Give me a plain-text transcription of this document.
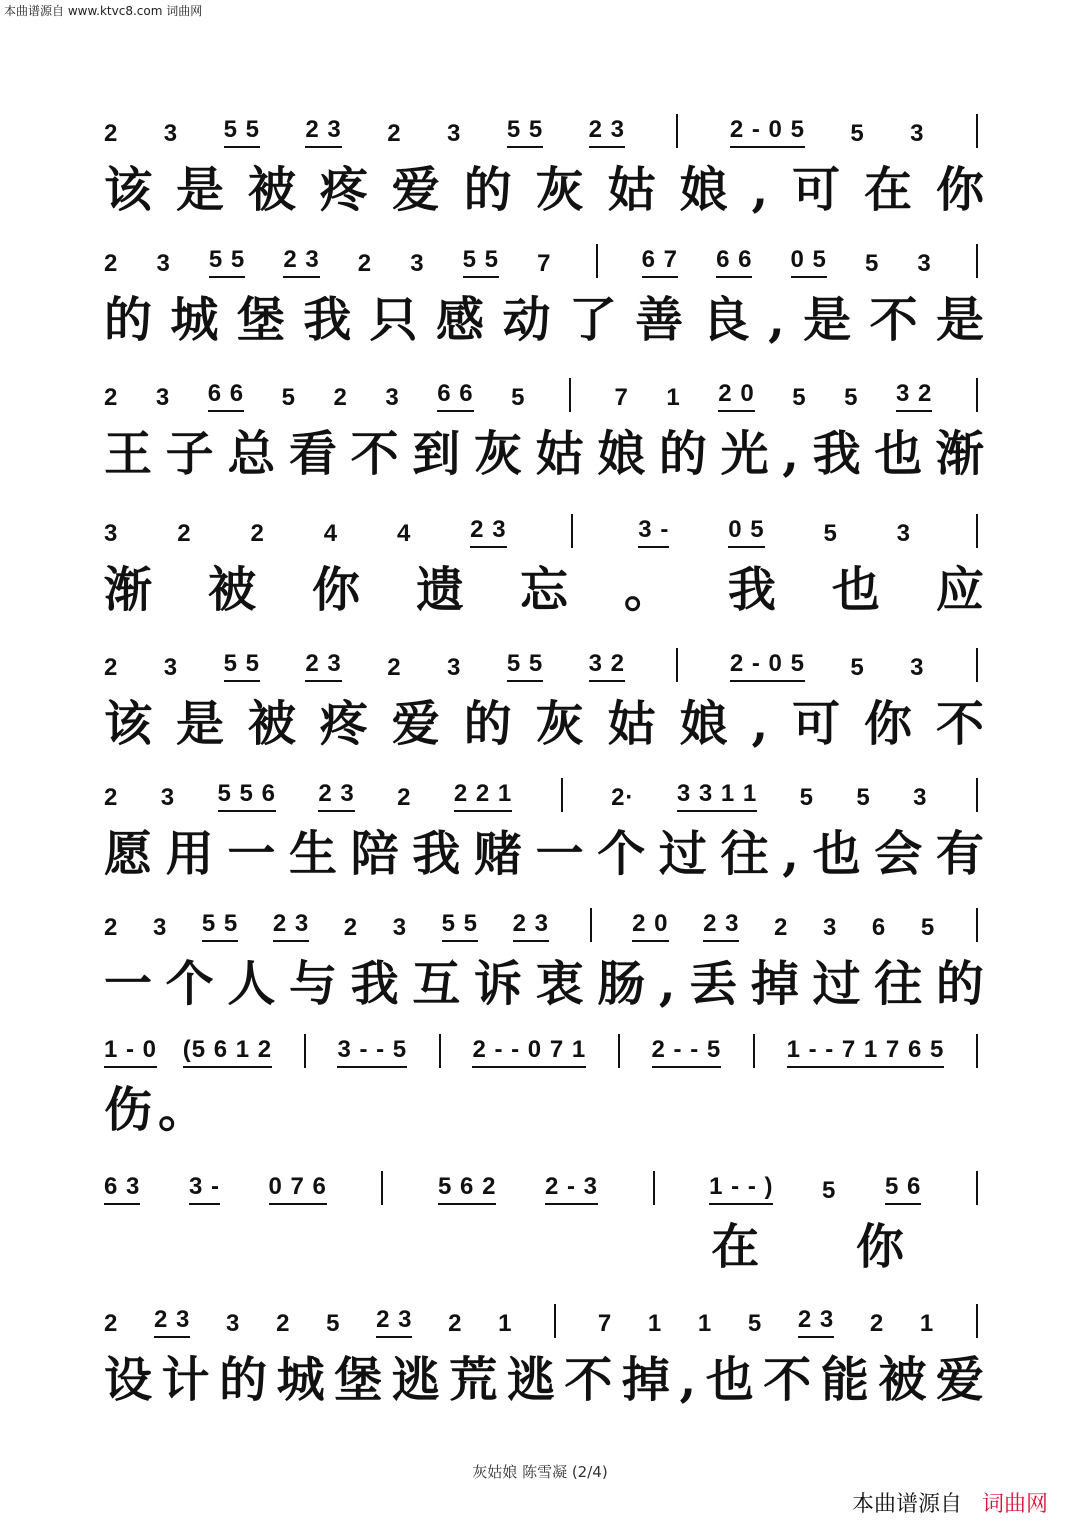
本曲谱源自 www.ktvc8.com 词曲网
2 3 5 5 2 3 2 3 5 5 2 3	2 - 0 5 5 3
该 是 被 疼 爱 的 灰 姑 娘 , 可 在 你
2 3 5 5 2 3 2 3 5 5 7	6 7 6 6 0 5 5 3
的 城 堡 我 只 感 动 了 善 良 , 是 不 是
2 3 6 6 5 2 3 6 6 5	7 1 2 0 5 5 3 2
王 子 总 看 不 到 灰 姑 娘 的 光 , 我 也 渐
3 2 2 4 4 2 3	3 - 0 5 5 3
渐 被 你 遗 忘 。 我 也 应
2 3 5 5 2 3 2 3 5 5 3 2	2 - 0 5 5 3
该 是 被 疼 爱 的 灰 姑 娘 , 可 你 不
2 3 5 5 6 2 3 2 2 2 1	2· 3 3 1 1 5 5 3
愿 用 一 生 陪 我 赌 一 个 过 往 , 也 会 有
2 3 5 5 2 3 2 3 5 5 2 3	2 0 2 3 2 3 6 5
一 个 人 与 我 互 诉 衷 肠 , 丢 掉 过 往 的
1 - 0 (5 6 1 2	3 - - 5	2 - - 0 7 1	2 - - 5	1 - - 7 1 7 6 5
伤。
6 3 3 - 0 7 6	5 6 2 2 - 3	1 - - ) 5 5 6
在 你
2 2 3 3 2 5 2 3 2 1	7 1 1 5 2 3 2 1
设 计 的 城 堡 逃 荒 逃 不 掉 , 也 不 能 被 爱
灰姑娘 陈雪凝 (2/4)
本曲谱源自 词曲网
